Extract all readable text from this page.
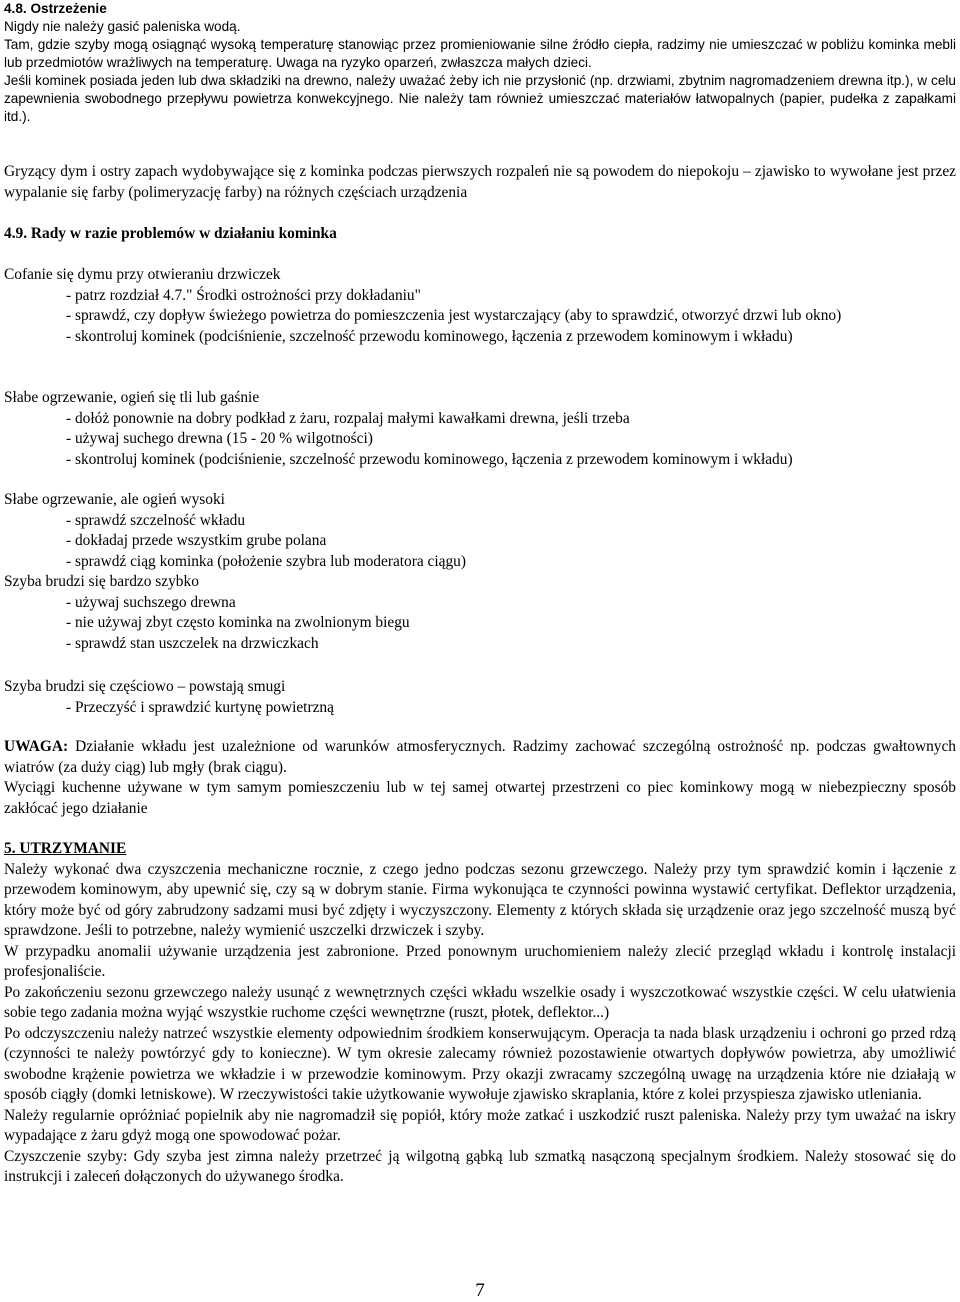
4.8. Ostrzeżenie

Nigdy nie należy gasić paleniska wodą.

Tam, gdzie szyby mogą osiągnąć wysoką temperaturę stanowiąc przez promieniowanie silne źródło ciepła, radzimy nie umieszczać w pobliżu kominka mebli lub przedmiotów wrażliwych na temperaturę. Uwaga na ryzyko oparzeń, zwłaszcza małych dzieci.

Jeśli kominek posiada jeden lub dwa składziki na drewno, należy uważać żeby ich nie przysłonić (np. drzwiami, zbytnim nagromadzeniem drewna itp.), w celu zapewnienia swobodnego przepływu powietrza konwekcyjnego. Nie należy tam również umieszczać materiałów łatwopalnych (papier, pudełka z zapałkami itd.).

Gryzący dym i ostry zapach wydobywające się z kominka podczas pierwszych rozpaleń nie są powodem do niepokoju – zjawisko to wywołane jest przez wypalanie się farby (polimeryzację farby) na różnych częściach urządzenia

4.9. Rady w razie problemów w działaniu kominka

Cofanie się dymu przy otwieraniu drzwiczek

- patrz rozdział 4.7." Środki ostrożności przy dokładaniu"

- sprawdź, czy dopływ świeżego powietrza do pomieszczenia jest wystarczający (aby to sprawdzić, otworzyć drzwi lub okno)

- skontroluj kominek (podciśnienie, szczelność przewodu kominowego, łączenia z przewodem kominowym i wkładu)

Słabe ogrzewanie, ogień się tli lub gaśnie

- dołóż ponownie na dobry podkład z żaru, rozpalaj małymi kawałkami drewna, jeśli trzeba

- używaj suchego drewna (15 - 20 % wilgotności)

- skontroluj kominek (podciśnienie, szczelność przewodu kominowego, łączenia z przewodem kominowym i wkładu)

Słabe ogrzewanie, ale ogień wysoki

- sprawdź szczelność wkładu

- dokładaj przede wszystkim grube polana

- sprawdź ciąg kominka (położenie szybra lub moderatora ciągu)

Szyba brudzi się bardzo szybko

- używaj suchszego drewna

- nie używaj zbyt często kominka na zwolnionym biegu

- sprawdź stan uszczelek na drzwiczkach

Szyba brudzi się częściowo – powstają smugi

- Przeczyść i sprawdzić kurtynę powietrzną

UWAGA: Działanie wkładu jest uzależnione od warunków atmosferycznych. Radzimy zachować szczególną ostrożność np. podczas gwałtownych wiatrów (za duży ciąg) lub mgły (brak ciągu).

Wyciągi kuchenne używane w tym samym pomieszczeniu lub w tej samej otwartej przestrzeni co piec kominkowy mogą w niebezpieczny sposób zakłócać jego działanie

5. UTRZYMANIE

Należy wykonać dwa czyszczenia mechaniczne rocznie, z czego jedno podczas sezonu grzewczego. Należy przy tym sprawdzić komin i łączenie z przewodem kominowym, aby upewnić się, czy są w dobrym stanie. Firma wykonująca te czynności powinna wystawić certyfikat. Deflektor urządzenia, który może być od góry zabrudzony sadzami musi być zdjęty i wyczyszczony. Elementy z których składa się urządzenie oraz jego szczelność muszą być sprawdzone. Jeśli to potrzebne, należy wymienić uszczelki drzwiczek i szyby.

W przypadku anomalii używanie urządzenia jest zabronione. Przed ponownym uruchomieniem należy zlecić przegląd wkładu i kontrolę instalacji profesjonaliście.

Po zakończeniu sezonu grzewczego należy usunąć z wewnętrznych części wkładu wszelkie osady i wyszczotkować wszystkie części. W celu ułatwienia sobie tego zadania można wyjąć wszystkie ruchome części wewnętrzne (ruszt, płotek, deflektor...)

Po odczyszczeniu należy natrzeć wszystkie elementy odpowiednim środkiem konserwującym. Operacja ta nada blask urządzeniu i ochroni go przed rdzą (czynności te należy powtórzyć gdy to konieczne). W tym okresie zalecamy również pozostawienie otwartych dopływów powietrza, aby umożliwić swobodne krążenie powietrza we wkładzie i w przewodzie kominowym. Przy okazji zwracamy szczególną uwagę na urządzenia które nie działają w sposób ciągły (domki letniskowe). W rzeczywistości takie użytkowanie wywołuje zjawisko skraplania, które z kolei przyspiesza zjawisko utleniania.

Należy regularnie opróżniać popielnik aby nie nagromadził się popiół, który może zatkać i uszkodzić ruszt paleniska. Należy przy tym uważać na iskry wypadające z żaru gdyż mogą one spowodować pożar.

Czyszczenie szyby: Gdy szyba jest zimna należy przetrzeć ją wilgotną gąbką lub szmatką nasączoną specjalnym środkiem. Należy stosować się do instrukcji i zaleceń dołączonych do używanego środka.

7
